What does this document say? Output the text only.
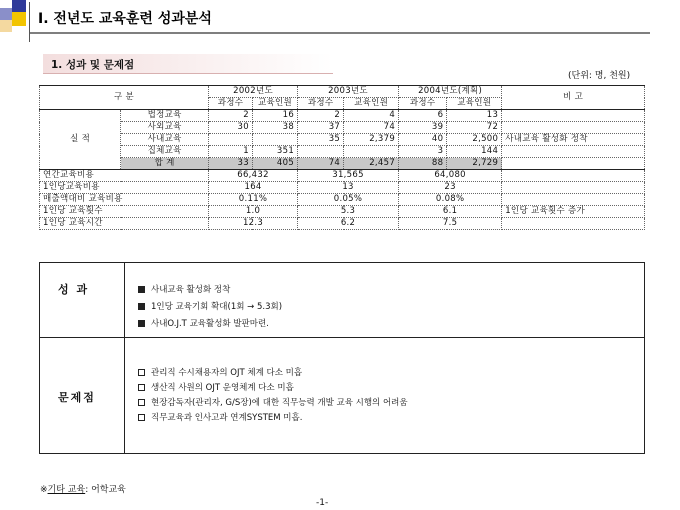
Ⅰ. 전년도 교육훈련 성과분석
1. 성과 및 문제점
(단위: 명, 천원)
구 분		2002년도		2003년도		2004년도(계획)		비 고
		과정수	교육인원	과정수	교육인원	과정수	교육인원	
실 적	법정교육	2	16	2	4	6	13	
	사외교육	30	38	37	74	39	72	
	사내교육			35	2,379	40	2,500	사내교육 활성화 정착
	집체교육	1	351			3	144	
	합 계	33	405	74	2,457	88	2,729	
연간교육비용		66,432		31,565		64,080		
1인당교육비용		164		13		23		
매출액대비 교육비용		0.11%		0.05%		0.08%		
1인당 교육횟수		1.0		5.3		6.1		1인당 교육횟수 증가
1인당 교육시간		12.3		6.2		7.5		
성 과	사내교육 활성화 정착
1인당 교육기회 확대(1회 → 5.3회)
사내O.J.T 교육활성화 발판마련.
문제점
관리직 수시채용자의 OJT 체계 다소 미흡
생산직 사원의 OJT 운영체계 다소 미흡
현장감독자(관리자, G/S장)에 대한 직무능력 개발 교육 시행의 어려움
직무교육과 인사고과 연계SYSTEM 미흡.
※기타 교육: 어학교육
-1-
